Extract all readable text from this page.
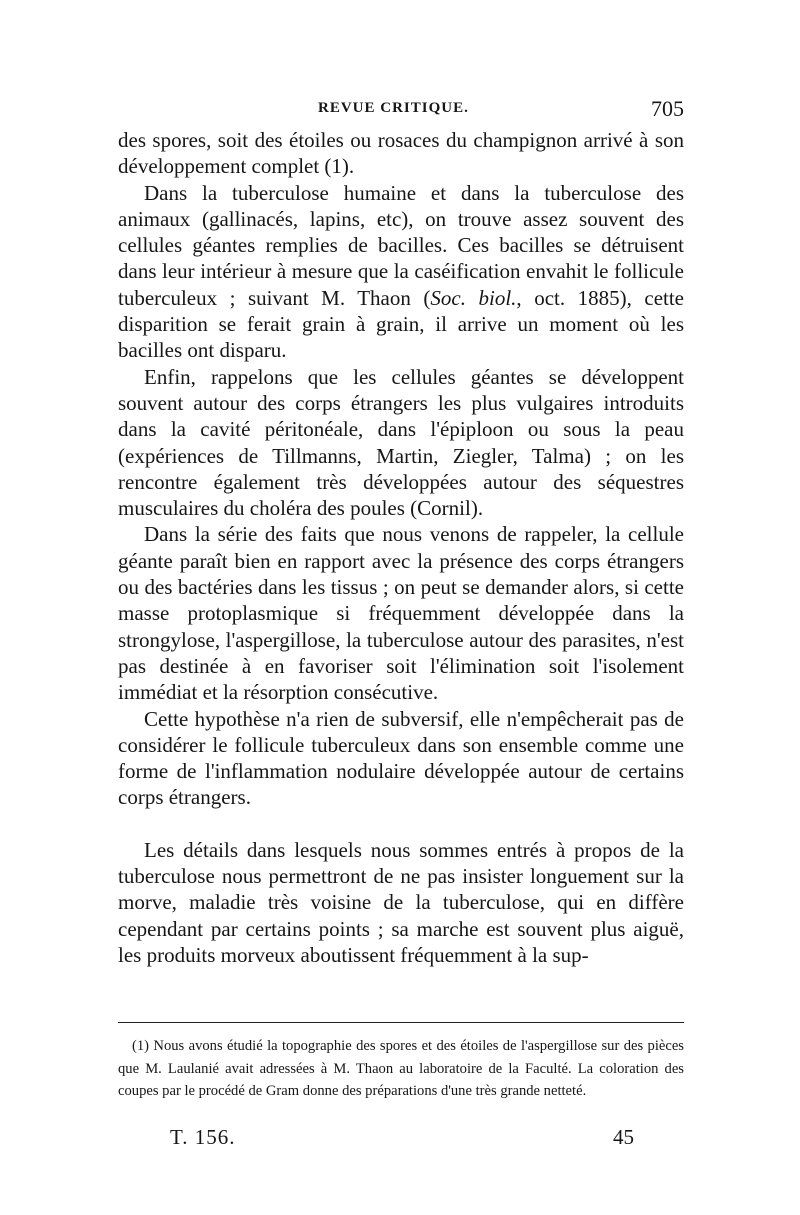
REVUE CRITIQUE.	705

des spores, soit des étoiles ou rosaces du champignon arrivé à son développement complet (1).

Dans la tuberculose humaine et dans la tuberculose des animaux (gallinacés, lapins, etc), on trouve assez souvent des cellules géantes remplies de bacilles. Ces bacilles se détruisent dans leur intérieur à mesure que la caséification envahit le follicule tuberculeux ; suivant M. Thaon (Soc. biol., oct. 1885), cette disparition se ferait grain à grain, il arrive un moment où les bacilles ont disparu.

Enfin, rappelons que les cellules géantes se développent souvent autour des corps étrangers les plus vulgaires introduits dans la cavité péritonéale, dans l'épiploon ou sous la peau (expériences de Tillmanns, Martin, Ziegler, Talma) ; on les rencontre également très développées autour des séquestres musculaires du choléra des poules (Cornil).

Dans la série des faits que nous venons de rappeler, la cellule géante paraît bien en rapport avec la présence des corps étrangers ou des bactéries dans les tissus ; on peut se demander alors, si cette masse protoplasmique si fréquemment développée dans la strongylose, l'aspergillose, la tuberculose autour des parasites, n'est pas destinée à en favoriser soit l'élimination soit l'isolement immédiat et la résorption consécutive.

Cette hypothèse n'a rien de subversif, elle n'empêcherait pas de considérer le follicule tuberculeux dans son ensemble comme une forme de l'inflammation nodulaire développée autour de certains corps étrangers.

Les détails dans lesquels nous sommes entrés à propos de la tuberculose nous permettront de ne pas insister longuement sur la morve, maladie très voisine de la tuberculose, qui en diffère cependant par certains points ; sa marche est souvent plus aiguë, les produits morveux aboutissent fréquemment à la sup-

(1) Nous avons étudié la topographie des spores et des étoiles de l'aspergillose sur des pièces que M. Laulanié avait adressées à M. Thaon au laboratoire de la Faculté. La coloration des coupes par le procédé de Gram donne des préparations d'une très grande netteté.

T. 156.	45
